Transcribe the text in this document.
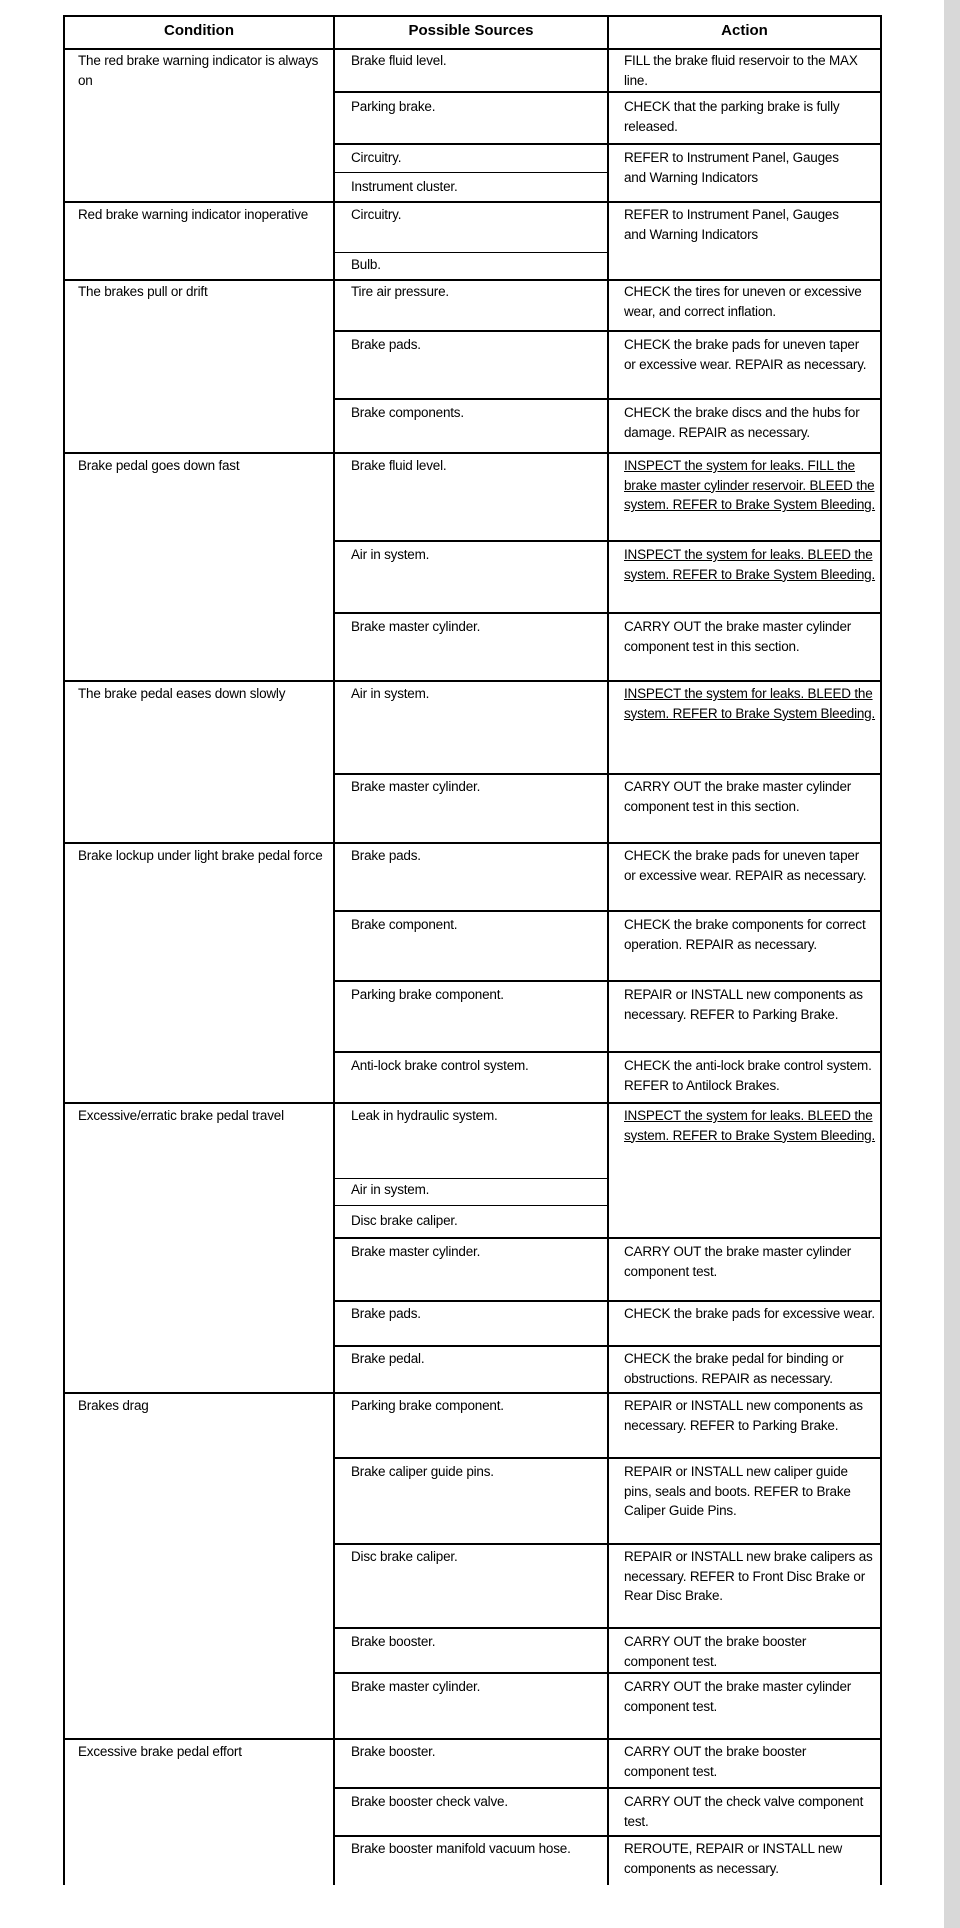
Condition	Possible Sources	Action
The red brake warning indicator is always on
Brake fluid level.	FILL the brake fluid reservoir to the MAX line.
Parking brake.	CHECK that the parking brake is fully released.
Circuitry.	REFER to Instrument Panel, Gauges and Warning Indicators
Instrument cluster.
Red brake warning indicator inoperative	Circuitry.	REFER to Instrument Panel, Gauges and Warning Indicators
Bulb.
The brakes pull or drift	Tire air pressure.	CHECK the tires for uneven or excessive wear, and correct inflation.
Brake pads.	CHECK the brake pads for uneven taper or excessive wear. REPAIR as necessary.
Brake components.	CHECK the brake discs and the hubs for damage. REPAIR as necessary.
Brake pedal goes down fast	Brake fluid level.	INSPECT the system for leaks. FILL the brake master cylinder reservoir. BLEED the system. REFER to Brake System Bleeding.
Air in system.	INSPECT the system for leaks. BLEED the system. REFER to Brake System Bleeding.
Brake master cylinder.	CARRY OUT the brake master cylinder component test in this section.
The brake pedal eases down slowly	Air in system.	INSPECT the system for leaks. BLEED the system. REFER to Brake System Bleeding.
Brake master cylinder.	CARRY OUT the brake master cylinder component test in this section.
Brake lockup under light brake pedal force	Brake pads.	CHECK the brake pads for uneven taper or excessive wear. REPAIR as necessary.
Brake component.	CHECK the brake components for correct operation. REPAIR as necessary.
Parking brake component.	REPAIR or INSTALL new components as necessary. REFER to Parking Brake.
Anti-lock brake control system.	CHECK the anti-lock brake control system. REFER to Antilock Brakes.
Excessive/erratic brake pedal travel	Leak in hydraulic system.	INSPECT the system for leaks. BLEED the system. REFER to Brake System Bleeding.
Air in system.
Disc brake caliper.
Brake master cylinder.	CARRY OUT the brake master cylinder component test.
Brake pads.	CHECK the brake pads for excessive wear.
Brake pedal.	CHECK the brake pedal for binding or obstructions. REPAIR as necessary.
Brakes drag	Parking brake component.	REPAIR or INSTALL new components as necessary. REFER to Parking Brake.
Brake caliper guide pins.	REPAIR or INSTALL new caliper guide pins, seals and boots. REFER to Brake Caliper Guide Pins.
Disc brake caliper.	REPAIR or INSTALL new brake calipers as necessary. REFER to Front Disc Brake or Rear Disc Brake.
Brake booster.	CARRY OUT the brake booster component test.
Brake master cylinder.	CARRY OUT the brake master cylinder component test.
Excessive brake pedal effort	Brake booster.	CARRY OUT the brake booster component test.
Brake booster check valve.	CARRY OUT the check valve component test.
Brake booster manifold vacuum hose.	REROUTE, REPAIR or INSTALL new components as necessary.
